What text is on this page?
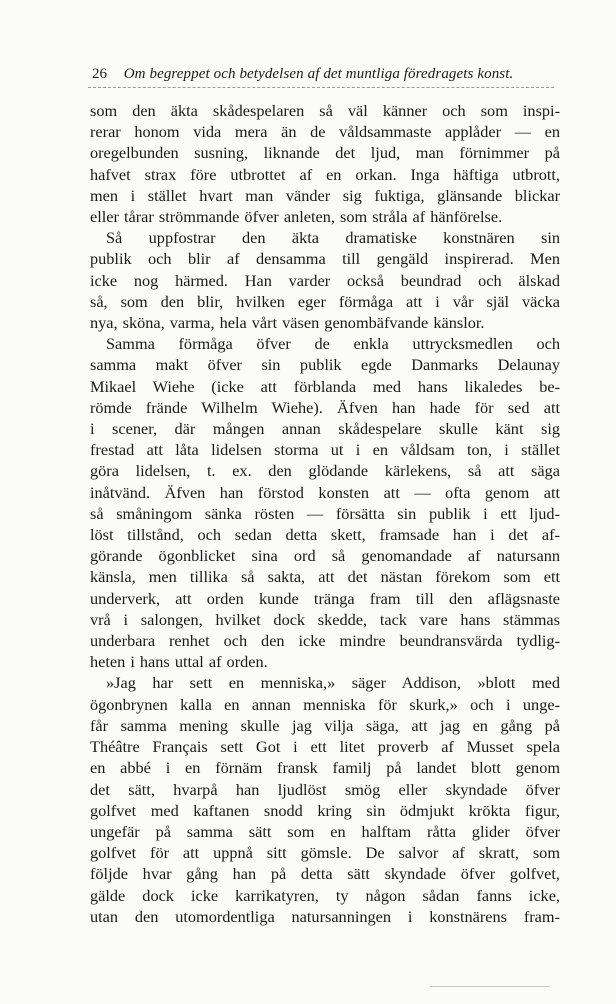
26 Om begreppet och betydelsen af det muntliga föredragets konst.
som den äkta skådespelaren så väl känner och som inspi-
rerar honom vida mera än de våldsammaste applåder — en
oregelbunden susning, liknande det ljud, man förnimmer på
hafvet strax före utbrottet af en orkan. Inga häftiga utbrott,
men i stället hvart man vänder sig fuktiga, glänsande blickar
eller tårar strömmande öfver anleten, som stråla af hänförelse.
Så uppfostrar den äkta dramatiske konstnären sin
publik och blir af densamma till gengäld inspirerad. Men
icke nog härmed. Han varder också beundrad och älskad
så, som den blir, hvilken eger förmåga att i vår själ väcka
nya, sköna, varma, hela vårt väsen genombäfvande känslor.
Samma förmåga öfver de enkla uttrycksmedlen och
samma makt öfver sin publik egde Danmarks Delaunay
Mikael Wiehe (icke att förblanda med hans likaledes be-
römde frände Wilhelm Wiehe). Äfven han hade för sed att
i scener, där mången annan skådespelare skulle känt sig
frestad att låta lidelsen storma ut i en våldsam ton, i stället
göra lidelsen, t. ex. den glödande kärlekens, så att säga
inåtvänd. Äfven han förstod konsten att — ofta genom att
så småningom sänka rösten — försätta sin publik i ett ljud-
löst tillstånd, och sedan detta skett, framsade han i det af-
görande ögonblicket sina ord så genomandade af natursann
känsla, men tillika så sakta, att det nästan förekom som ett
underverk, att orden kunde tränga fram till den aflägsnaste
vrå i salongen, hvilket dock skedde, tack vare hans stämmas
underbara renhet och den icke mindre beundransvärda tydlig-
heten i hans uttal af orden.
»Jag har sett en menniska,» säger Addison, »blott med
ögonbrynen kalla en annan menniska för skurk,» och i unge-
får samma mening skulle jag vilja säga, att jag en gång på
Théâtre Français sett Got i ett litet proverb af Musset spela
en abbé i en förnäm fransk familj på landet blott genom
det sätt, hvarpå han ljudlöst smög eller skyndade öfver
golfvet med kaftanen snodd kring sin ödmjukt krökta figur,
ungefär på samma sätt som en halftam råtta glider öfver
golfvet för att uppnå sitt gömsle. De salvor af skratt, som
följde hvar gång han på detta sätt skyndade öfver golfvet,
gälde dock icke karrikatyren, ty någon sådan fanns icke,
utan den utomordentliga natursanningen i konstnärens fram-
